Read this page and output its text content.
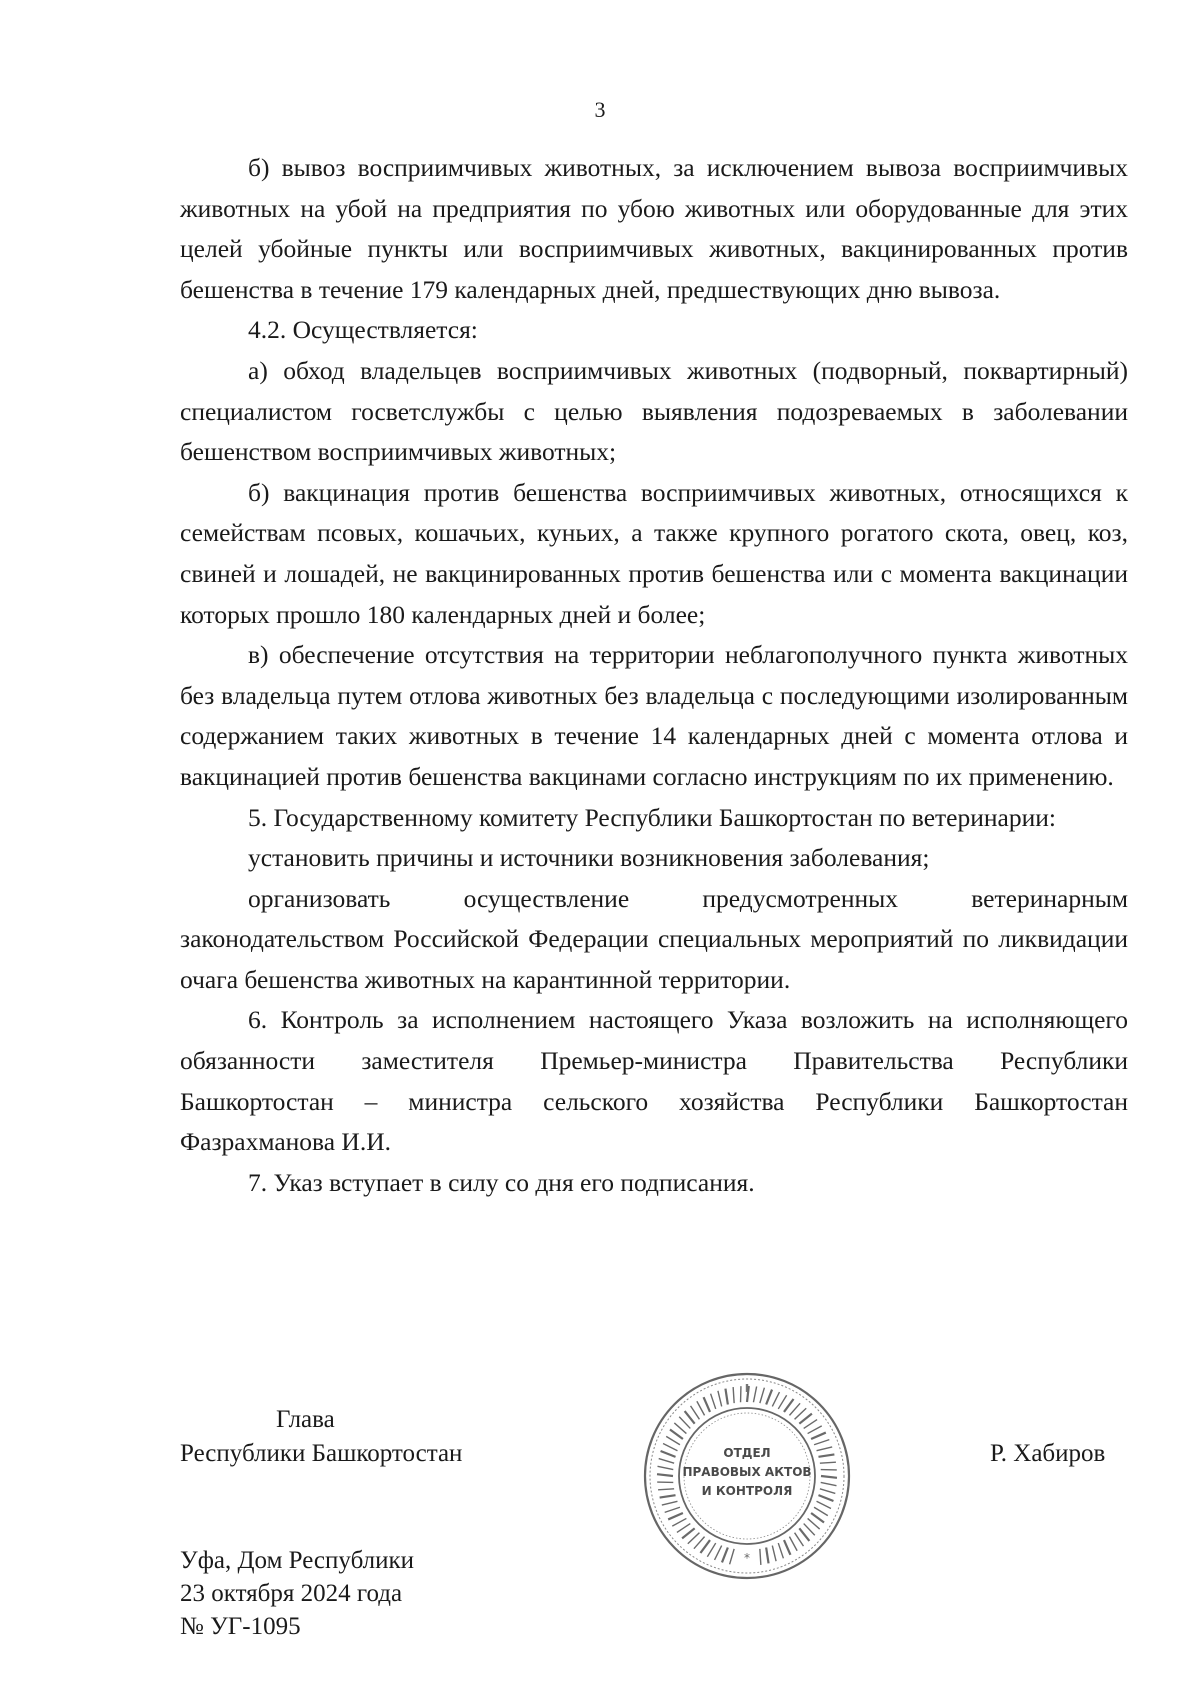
3

б) вывоз восприимчивых животных, за исключением вывоза восприимчивых животных на убой на предприятия по убою животных или оборудованные для этих целей убойные пункты или восприимчивых животных, вакцинированных против бешенства в течение 179 календарных дней, предшествующих дню вывоза.

4.2. Осуществляется:

а) обход владельцев восприимчивых животных (подворный, поквартирный) специалистом госветслужбы с целью выявления подозреваемых в заболевании бешенством восприимчивых животных;

б) вакцинация против бешенства восприимчивых животных, относящихся к семействам псовых, кошачьих, куньих, а также крупного рогатого скота, овец, коз, свиней и лошадей, не вакцинированных против бешенства или с момента вакцинации которых прошло 180 календарных дней и более;

в) обеспечение отсутствия на территории неблагополучного пункта животных без владельца путем отлова животных без владельца с последующими изолированным содержанием таких животных в течение 14 календарных дней с момента отлова и вакцинацией против бешенства вакцинами согласно инструкциям по их применению.

5. Государственному комитету Республики Башкортостан по ветеринарии:

установить причины и источники возникновения заболевания;

организовать осуществление предусмотренных ветеринарным законодательством Российской Федерации специальных мероприятий по ликвидации очага бешенства животных на карантинной территории.

6. Контроль за исполнением настоящего Указа возложить на исполняющего обязанности заместителя Премьер-министра Правительства Республики Башкортостан – министра сельского хозяйства Республики Башкортостан Фазрахманова И.И.

7. Указ вступает в силу со дня его подписания.

Глава
Республики Башкортостан	Р. Хабиров
Уфа, Дом Республики
23 октября 2024 года
№ УГ-1095
*
ОТДЕЛ
ПРАВОВЫХ АКТОВ
И КОНТРОЛЯ
